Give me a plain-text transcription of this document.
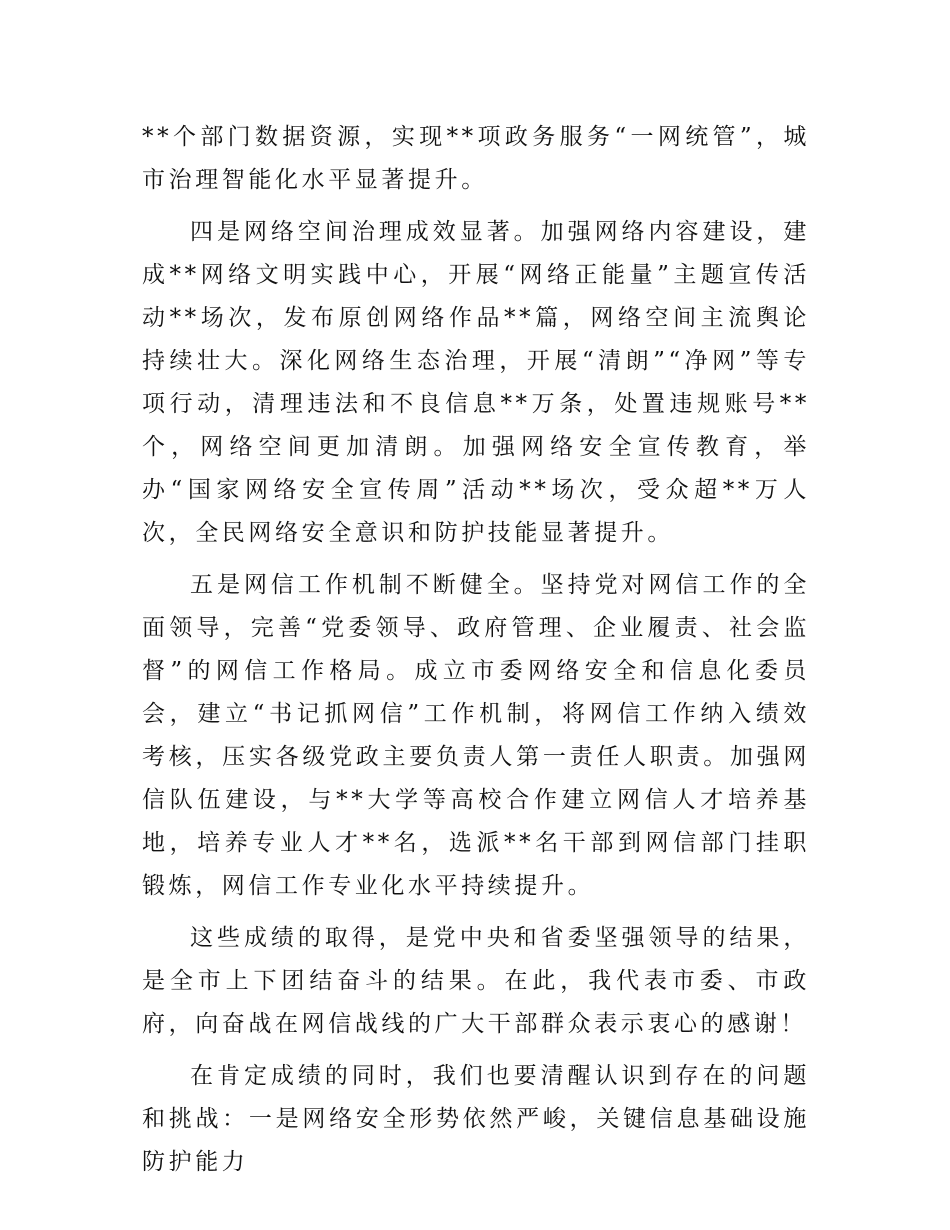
**个部门数据资源，实现**项政务服务“一网统管”，城市治理智能化水平显著提升。

四是网络空间治理成效显著。加强网络内容建设，建成**网络文明实践中心，开展“网络正能量”主题宣传活动**场次，发布原创网络作品**篇，网络空间主流舆论持续壮大。深化网络生态治理，开展“清朗”“净网”等专项行动，清理违法和不良信息**万条，处置违规账号**个，网络空间更加清朗。加强网络安全宣传教育，举办“国家网络安全宣传周”活动**场次，受众超**万人次，全民网络安全意识和防护技能显著提升。

五是网信工作机制不断健全。坚持党对网信工作的全面领导，完善“党委领导、政府管理、企业履责、社会监督”的网信工作格局。成立市委网络安全和信息化委员会，建立“书记抓网信”工作机制，将网信工作纳入绩效考核，压实各级党政主要负责人第一责任人职责。加强网信队伍建设，与**大学等高校合作建立网信人才培养基地，培养专业人才**名，选派**名干部到网信部门挂职锻炼，网信工作专业化水平持续提升。

这些成绩的取得，是党中央和省委坚强领导的结果，是全市上下团结奋斗的结果。在此，我代表市委、市政府，向奋战在网信战线的广大干部群众表示衷心的感谢！

在肯定成绩的同时，我们也要清醒认识到存在的问题和挑战：一是网络安全形势依然严峻，关键信息基础设施防护能力
